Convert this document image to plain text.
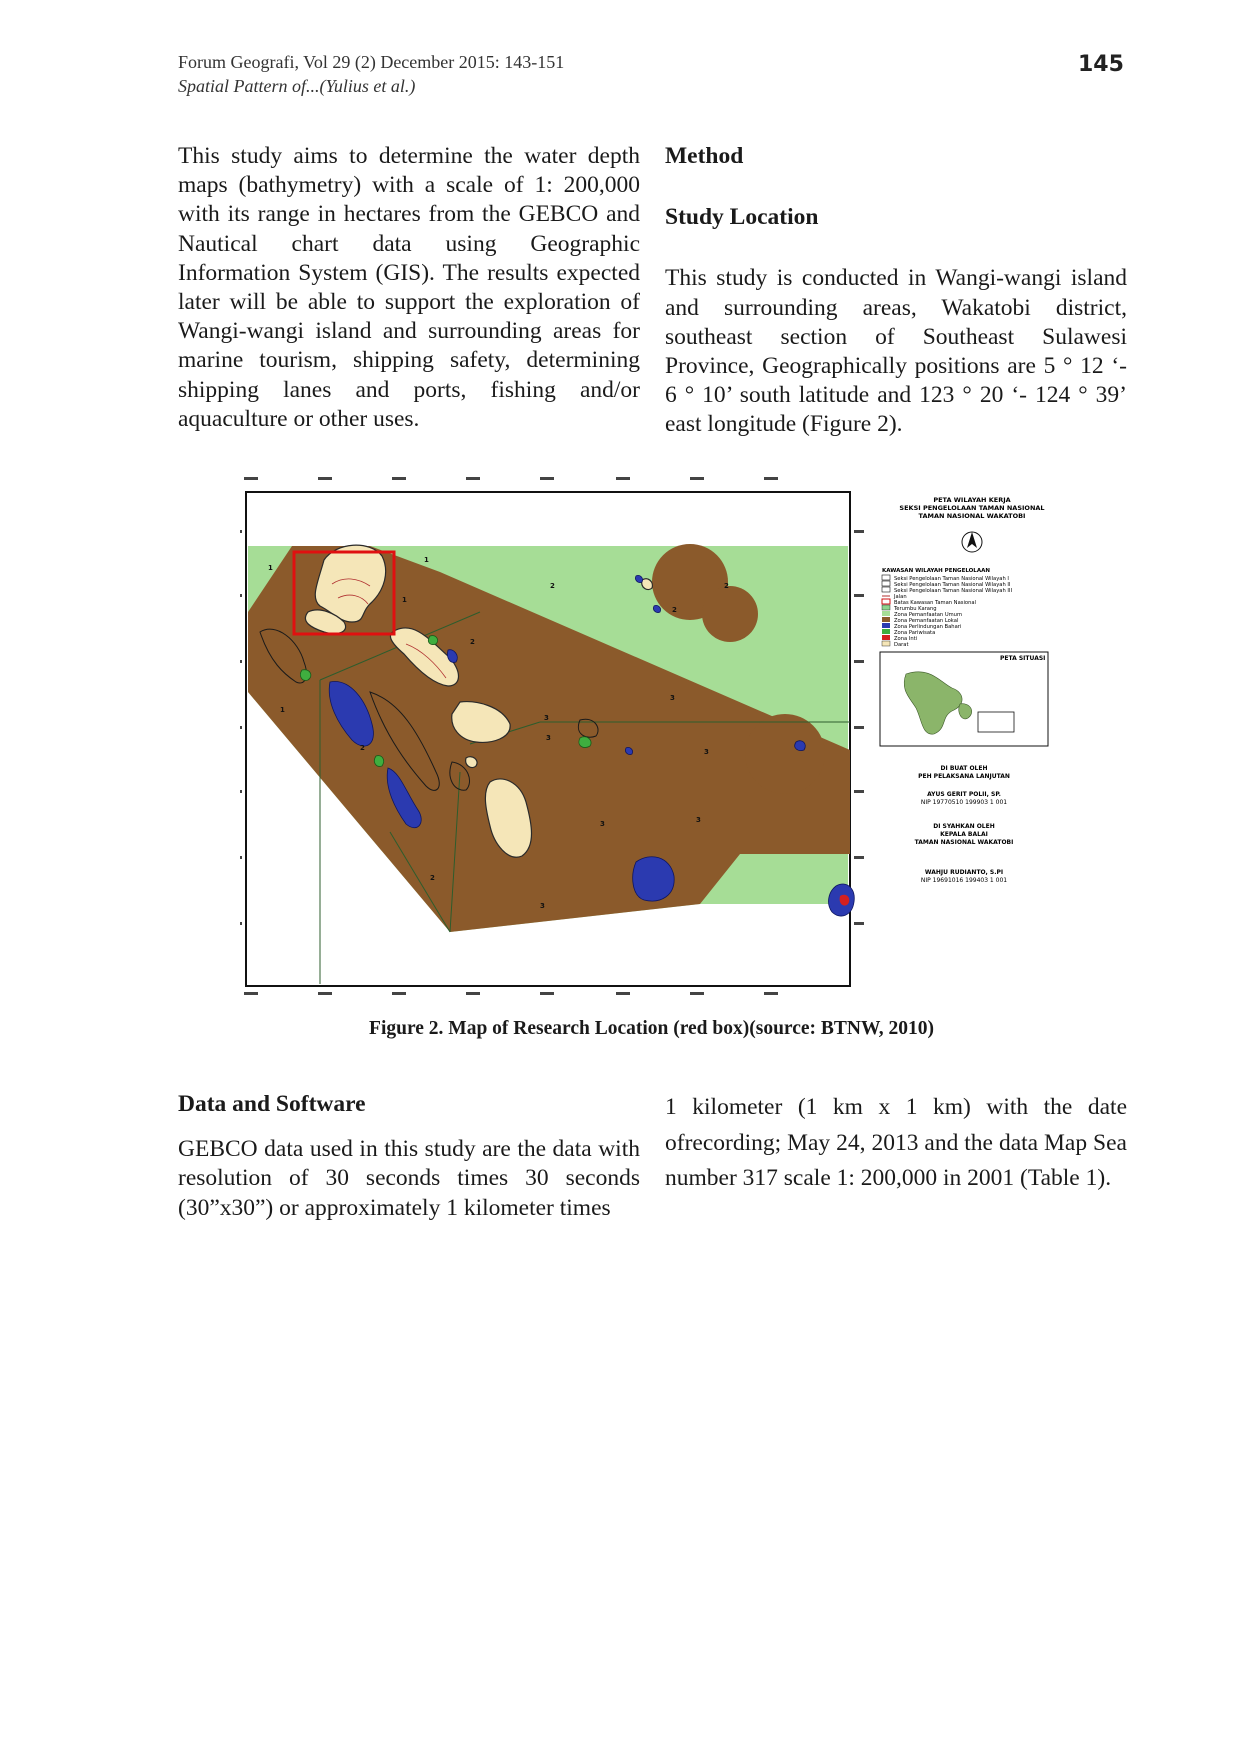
Forum Geografi, Vol 29 (2) December 2015: 143-151
Spatial Pattern of...(Yulius et al.)
145

This study aims to determine the water depth maps (bathymetry) with a scale of 1: 200,000 with its range in hectares from the GEBCO and Nautical chart data using Geographic Information System (GIS). The results expected later will be able to support the exploration of Wangi-wangi island and surrounding areas for marine tourism, shipping safety, determining shipping lanes and ports, fishing and/or aquaculture or other uses.

Method

Study Location

This study is conducted in Wangi-wangi island and surrounding areas, Wakatobi district, southeast section of Southeast Sulawesi Province, Geographically positions are 5 ° 12 ‘- 6 ° 10’ south latitude and 123 ° 20 ‘- 124 ° 39’ east longitude (Figure 2).

1
1
1
1
2	2
2
2
2
2
3
3
3	3
3
3
3
PETA WILAYAH KERJA
SEKSI PENGELOLAAN TAMAN NASIONAL
TAMAN NASIONAL WAKATOBI
KAWASAN WILAYAH PENGELOLAAN
Seksi Pengelolaan Taman Nasional Wilayah I
Seksi Pengelolaan Taman Nasional Wilayah II
Seksi Pengelolaan Taman Nasional Wilayah III
Jalan
Batas Kawasan Taman Nasional
Terumbu Karang
Zona Pemanfaatan Umum
Zona Pemanfaatan Lokal
Zona Perlindungan Bahari
Zona Pariwisata
Zona Inti
Darat
PETA SITUASI
DI BUAT OLEH
PEH PELAKSANA LANJUTAN
AYUS GERIT POLII, SP.
NIP 19770510 199903 1 001
DI SYAHKAN OLEH
KEPALA BALAI
TAMAN NASIONAL WAKATOBI
WAHJU RUDIANTO, S.PI
NIP 19691016 199403 1 001
Figure 2. Map of Research Location (red box)(source: BTNW, 2010)

Data and Software

GEBCO data used in this study are the data with resolution of 30 seconds times 30 seconds (30”x30”) or approximately 1 kilometer times

1 kilometer (1 km x 1 km) with the date ofrecording; May 24, 2013 and the data Map Sea number 317 scale 1: 200,000 in 2001 (Table 1).
